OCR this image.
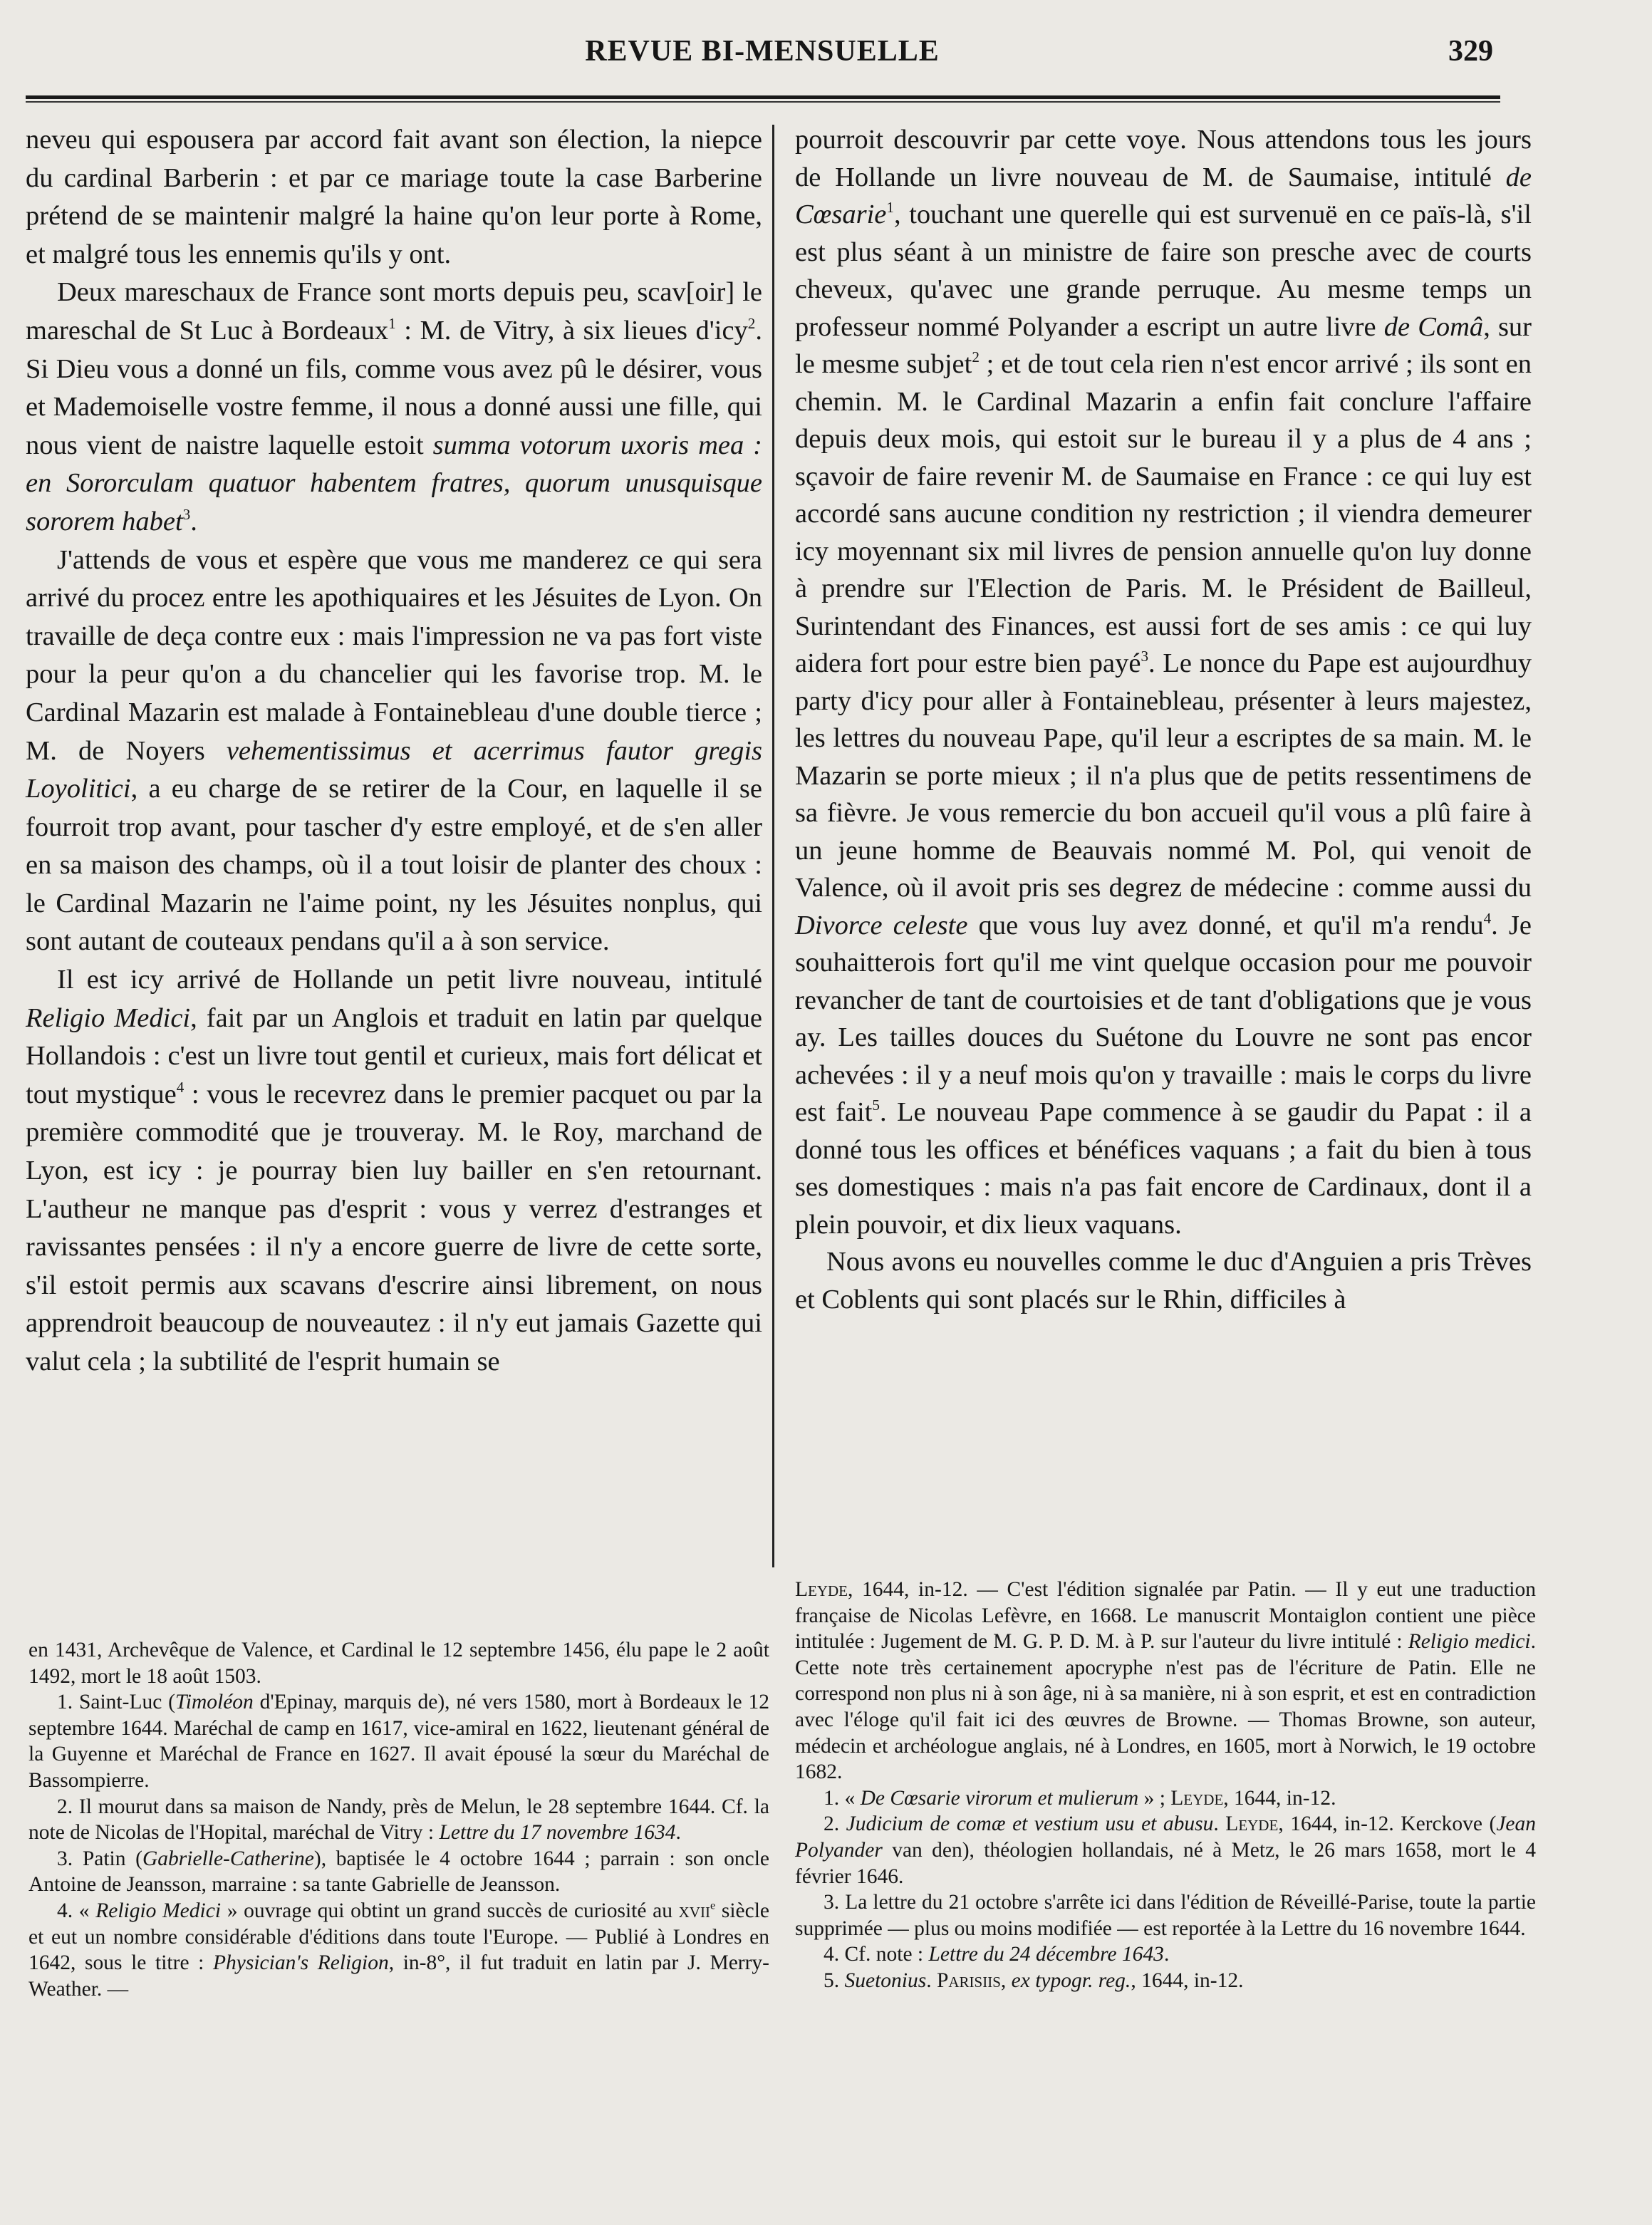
REVUE BI-MENSUELLE	329

neveu qui espousera par accord fait avant son élection, la niepce du cardinal Barberin : et par ce mariage toute la case Barberine prétend de se maintenir malgré la haine qu'on leur porte à Rome, et malgré tous les ennemis qu'ils y ont.

Deux mareschaux de France sont morts depuis peu, scav[oir] le mareschal de St Luc à Bordeaux$^1$ : M. de Vitry, à six lieues d'icy$^2$. Si Dieu vous a donné un fils, comme vous avez pû le désirer, vous et Mademoiselle vostre femme, il nous a donné aussi une fille, qui nous vient de naistre laquelle estoit summa votorum uxoris mea : en Sororculam quatuor habentem fratres, quorum unusquisque sororem habet$^3$.

J'attends de vous et espère que vous me manderez ce qui sera arrivé du procez entre les apothiquaires et les Jésuites de Lyon. On travaille de deça contre eux : mais l'impression ne va pas fort viste pour la peur qu'on a du chancelier qui les favorise trop. M. le Cardinal Mazarin est malade à Fontainebleau d'une double tierce ; M. de Noyers vehementissimus et acerrimus fautor gregis Loyolitici, a eu charge de se retirer de la Cour, en laquelle il se fourroit trop avant, pour tascher d'y estre employé, et de s'en aller en sa maison des champs, où il a tout loisir de planter des choux : le Cardinal Mazarin ne l'aime point, ny les Jésuites nonplus, qui sont autant de couteaux pendans qu'il a à son service.

Il est icy arrivé de Hollande un petit livre nouveau, intitulé Religio Medici, fait par un Anglois et traduit en latin par quelque Hollandois : c'est un livre tout gentil et curieux, mais fort délicat et tout mystique$^4$ : vous le recevrez dans le premier pacquet ou par la première commodité que je trouveray. M. le Roy, marchand de Lyon, est icy : je pourray bien luy bailler en s'en retournant. L'autheur ne manque pas d'esprit : vous y verrez d'estranges et ravissantes pensées : il n'y a encore guerre de livre de cette sorte, s'il estoit permis aux scavans d'escrire ainsi librement, on nous apprendroit beaucoup de nouveautez : il n'y eut jamais Gazette qui valut cela ; la subtilité de l'esprit humain se

pourroit descouvrir par cette voye. Nous attendons tous les jours de Hollande un livre nouveau de M. de Saumaise, intitulé de Cœsarie$^1$, touchant une querelle qui est survenuë en ce païs-là, s'il est plus séant à un ministre de faire son presche avec de courts cheveux, qu'avec une grande perruque. Au mesme temps un professeur nommé Polyander a escript un autre livre de Comâ, sur le mesme subjet$^2$ ; et de tout cela rien n'est encor arrivé ; ils sont en chemin. M. le Cardinal Mazarin a enfin fait conclure l'affaire depuis deux mois, qui estoit sur le bureau il y a plus de 4 ans ; sçavoir de faire revenir M. de Saumaise en France : ce qui luy est accordé sans aucune condition ny restriction ; il viendra demeurer icy moyennant six mil livres de pension annuelle qu'on luy donne à prendre sur l'Election de Paris. M. le Président de Bailleul, Surintendant des Finances, est aussi fort de ses amis : ce qui luy aidera fort pour estre bien payé$^3$. Le nonce du Pape est aujourdhuy party d'icy pour aller à Fontainebleau, présenter à leurs majestez, les lettres du nouveau Pape, qu'il leur a escriptes de sa main. M. le Mazarin se porte mieux ; il n'a plus que de petits ressentimens de sa fièvre. Je vous remercie du bon accueil qu'il vous a plû faire à un jeune homme de Beauvais nommé M. Pol, qui venoit de Valence, où il avoit pris ses degrez de médecine : comme aussi du Divorce celeste que vous luy avez donné, et qu'il m'a rendu$^4$. Je souhaitterois fort qu'il me vint quelque occasion pour me pouvoir revancher de tant de courtoisies et de tant d'obligations que je vous ay. Les tailles douces du Suétone du Louvre ne sont pas encor achevées : il y a neuf mois qu'on y travaille : mais le corps du livre est fait$^5$. Le nouveau Pape commence à se gaudir du Papat : il a donné tous les offices et bénéfices vaquans ; a fait du bien à tous ses domestiques : mais n'a pas fait encore de Cardinaux, dont il a plein pouvoir, et dix lieux vaquans.

Nous avons eu nouvelles comme le duc d'Anguien a pris Trèves et Coblents qui sont placés sur le Rhin, difficiles à

en 1431, Archevêque de Valence, et Cardinal le 12 septembre 1456, élu pape le 2 août 1492, mort le 18 août 1503.

1. Saint-Luc (Timoléon d'Epinay, marquis de), né vers 1580, mort à Bordeaux le 12 septembre 1644. Maréchal de camp en 1617, vice-amiral en 1622, lieutenant général de la Guyenne et Maréchal de France en 1627. Il avait épousé la sœur du Maréchal de Bassompierre.

2. Il mourut dans sa maison de Nandy, près de Melun, le 28 septembre 1644. Cf. la note de Nicolas de l'Hopital, maréchal de Vitry : Lettre du 17 novembre 1634.

3. Patin (Gabrielle-Catherine), baptisée le 4 octobre 1644 ; parrain : son oncle Antoine de Jeansson, marraine : sa tante Gabrielle de Jeansson.

4. « Religio Medici » ouvrage qui obtint un grand succès de curiosité au xvii$^e$ siècle et eut un nombre considérable d'éditions dans toute l'Europe. — Publié à Londres en 1642, sous le titre : Physician's Religion, in-8°, il fut traduit en latin par J. Merry-Weather. —

Leyde, 1644, in-12. — C'est l'édition signalée par Patin. — Il y eut une traduction française de Nicolas Lefèvre, en 1668. Le manuscrit Montaiglon contient une pièce intitulée : Jugement de M. G. P. D. M. à P. sur l'auteur du livre intitulé : Religio medici. Cette note très certainement apocryphe n'est pas de l'écriture de Patin. Elle ne correspond non plus ni à son âge, ni à sa manière, ni à son esprit, et est en contradiction avec l'éloge qu'il fait ici des œuvres de Browne. — Thomas Browne, son auteur, médecin et archéologue anglais, né à Londres, en 1605, mort à Norwich, le 19 octobre 1682.

1. « De Cœsarie virorum et mulierum » ; Leyde, 1644, in-12.

2. Judicium de comæ et vestium usu et abusu. Leyde, 1644, in-12. Kerckove (Jean Polyander van den), théologien hollandais, né à Metz, le 26 mars 1658, mort le 4 février 1646.

3. La lettre du 21 octobre s'arrête ici dans l'édition de Réveillé-Parise, toute la partie supprimée — plus ou moins modifiée — est reportée à la Lettre du 16 novembre 1644.

4. Cf. note : Lettre du 24 décembre 1643.

5. Suetonius. Parisiis, ex typogr. reg., 1644, in-12.
